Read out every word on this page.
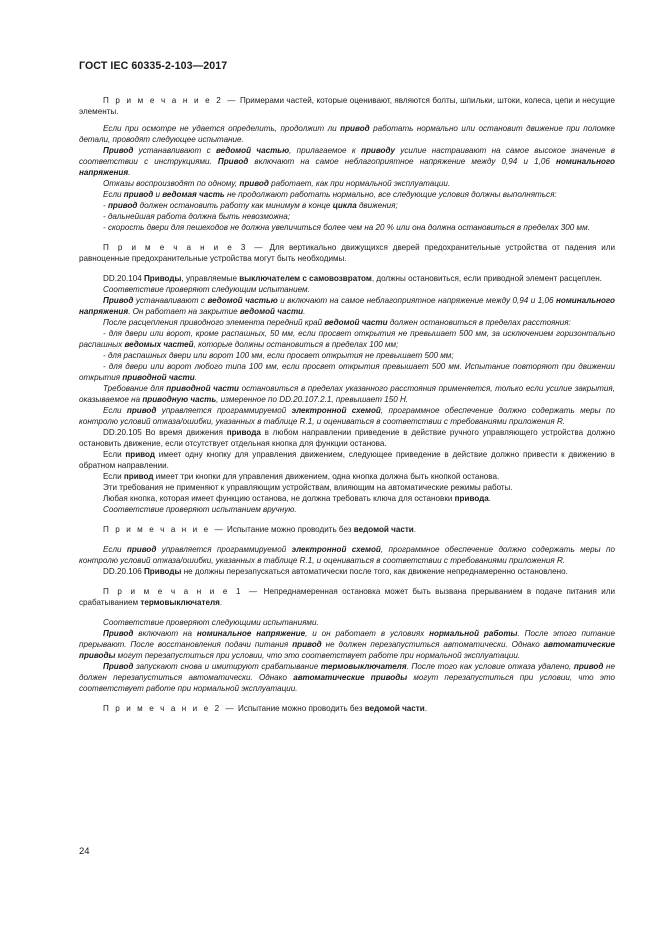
ГОСТ IEC 60335-2-103—2017

П р и м е ч а н и е 2 — Примерами частей, которые оценивают, являются болты, шпильки, штоки, колеса, цепи и несущие элементы.

Если при осмотре не удается определить, продолжит ли привод работать нормально или остановит движение при поломке детали, проводят следующее испытание.

Привод устанавливают с ведомой частью, прилагаемое к приводу усилие настраивают на самое высокое значение в соответствии с инструкциями. Привод включают на самое неблагоприятное напряжение между 0,94 и 1,06 номинального напряжения.

Отказы воспроизводят по одному, привод работает, как при нормальной эксплуатации.

Если привод и ведомая часть не продолжают работать нормально, все следующие условия должны выполняться:

- привод должен остановить работу как минимум в конце цикла движения;

- дальнейшая работа должна быть невозможна;

- скорость двери для пешеходов не должна увеличиться более чем на 20 % или она должна остановиться в пределах 300 мм.

П р и м е ч а н и е 3 — Для вертикально движущихся дверей предохранительные устройства от падения или равноценные предохранительные устройства могут быть необходимы.

DD.20.104 Приводы, управляемые выключателем с самовозвратом, должны остановиться, если приводной элемент расцеплен.

Соответствие проверяют следующим испытанием.

Привод устанавливают с ведомой частью и включают на самое неблагоприятное напряжение между 0,94 и 1,06 номинального напряжения. Он работает на закрытие ведомой части.

После расцепления приводного элемента передний край ведомой части должен остановиться в пределах расстояния:

- для двери или ворот, кроме распашных, 50 мм, если просвет открытия не превышает 500 мм, за исключением горизонтально распашных ведомых частей, которые должны остановиться в пределах 100 мм;

- для распашных двери или ворот 100 мм, если просвет открытия не превышает 500 мм;

- для двери или ворот любого типа 100 мм, если просвет открытия превышает 500 мм. Испытание повторяют при движении открытия приводной части.

Требование для приводной части остановиться в пределах указанного расстояния применяется, только если усилие закрытия, оказываемое на приводную часть, измеренное по DD.20.107.2.1, превышает 150 Н.

Если привод управляется программируемой электронной схемой, программное обеспечение должно содержать меры по контролю условий отказа/ошибки, указанных в таблице R.1, и оцениваться в соответствии с требованиями приложения R.

DD.20.105 Во время движения привода в любом направлении приведение в действие ручного управляющего устройства должно остановить движение, если отсутствует отдельная кнопка для функции останова.

Если привод имеет одну кнопку для управления движением, следующее приведение в действие должно привести к движению в обратном направлении.

Если привод имеет три кнопки для управления движением, одна кнопка должна быть кнопкой останова.

Эти требования не применяют к управляющим устройствам, влияющим на автоматические режимы работы.

Любая кнопка, которая имеет функцию останова, не должна требовать ключа для остановки привода.

Соответствие проверяют испытанием вручную.

П р и м е ч а н и е — Испытание можно проводить без ведомой части.

Если привод управляется программируемой электронной схемой, программное обеспечение должно содержать меры по контролю условий отказа/ошибки, указанных в таблице R.1, и оцениваться в соответствии с требованиями приложения R.

DD.20.106 Приводы не должны перезапускаться автоматически после того, как движение непреднамеренно остановлено.

П р и м е ч а н и е 1 — Непреднамеренная остановка может быть вызвана прерыванием в подаче питания или срабатыванием термовыключателя.

Соответствие проверяют следующими испытаниями.

Привод включают на номинальное напряжение, и он работает в условиях нормальной работы. После этого питание прерывают. После восстановления подачи питания привод не должен перезапуститься автоматически. Однако автоматические приводы могут перезапуститься при условии, что это соответствует работе при нормальной эксплуатации.

Привод запускают снова и имитируют срабатывание термовыключателя. После того как условие отказа удалено, привод не должен перезапуститься автоматически. Однако автоматические приводы могут перезапуститься при условии, что это соответствует работе при нормальной эксплуатации.

П р и м е ч а н и е 2 — Испытание можно проводить без ведомой части.

24
